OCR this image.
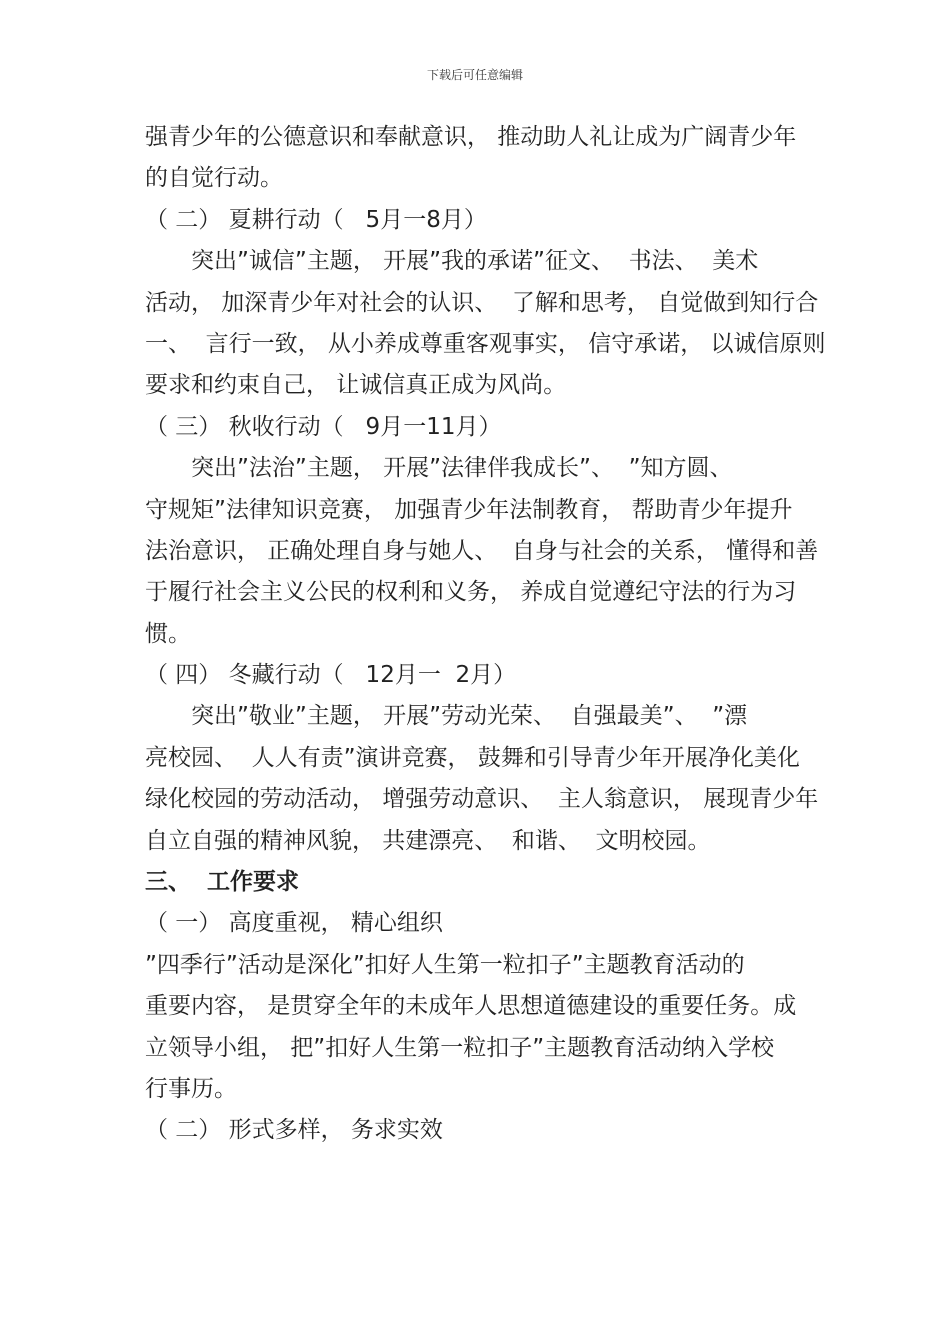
下载后可任意编辑
强青少年的公德意识和奉献意识， 推动助人礼让成为广阔青少年
的自觉行动。
（ 二） 夏耕行动（   5月一8月）
突出”诚信”主题， 开展”我的承诺”征文、  书法、  美术
活动， 加深青少年对社会的认识、  了解和思考， 自觉做到知行合
一、  言行一致， 从小养成尊重客观事实， 信守承诺， 以诚信原则
要求和约束自己， 让诚信真正成为风尚。
（ 三） 秋收行动（   9月一11月）
突出”法治”主题， 开展”法律伴我成长”、  ”知方圆、
守规矩”法律知识竞赛， 加强青少年法制教育， 帮助青少年提升
法治意识， 正确处理自身与她人、  自身与社会的关系， 懂得和善
于履行社会主义公民的权利和义务， 养成自觉遵纪守法的行为习
惯。
（ 四） 冬藏行动（   12月一  2月）
突出”敬业”主题， 开展”劳动光荣、  自强最美”、  ”漂
亮校园、  人人有责”演讲竞赛， 鼓舞和引导青少年开展净化美化
绿化校园的劳动活动， 增强劳动意识、  主人翁意识， 展现青少年
自立自强的精神风貌， 共建漂亮、  和谐、  文明校园。
三、  工作要求
（ 一） 高度重视， 精心组织
”四季行”活动是深化”扣好人生第一粒扣子”主题教育活动的
重要内容， 是贯穿全年的未成年人思想道德建设的重要任务。成
立领导小组， 把”扣好人生第一粒扣子”主题教育活动纳入学校
行事历。
（ 二） 形式多样， 务求实效
